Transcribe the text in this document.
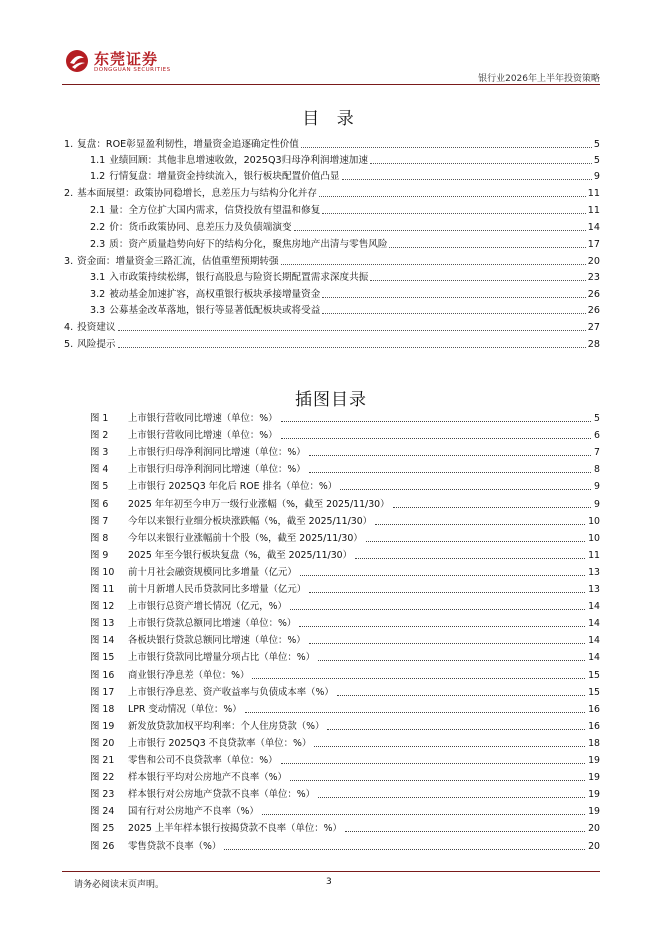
东莞证券
DONGGUAN SECURITIES
银行业2026年上半年投资策略
目 录
1. 复盘：ROE彰显盈利韧性，增量资金追逐确定性价值	5
1.1 业绩回顾：其他非息增速收敛，2025Q3归母净利润增速加速	5
1.2 行情复盘：增量资金持续流入，银行板块配置价值凸显	9
2. 基本面展望：政策协同稳增长，息差压力与结构分化并存	11
2.1 量：全方位扩大国内需求，信贷投放有望温和修复	11
2.2 价：货币政策协同、息差压力及负债端演变	14
2.3 质：资产质量趋势向好下的结构分化，聚焦房地产出清与零售风险	17
3. 资金面：增量资金三路汇流，估值重塑预期转强	20
3.1 入市政策持续松绑，银行高股息与险资长期配置需求深度共振	23
3.2 被动基金加速扩容，高权重银行板块承接增量资金	26
3.3 公募基金改革落地，银行等显著低配板块或将受益	26
4. 投资建议	27
5. 风险提示	28
插图目录
图 1	上市银行营收同比增速（单位：%）	5
图 2	上市银行营收同比增速（单位：%）	6
图 3	上市银行归母净利润同比增速（单位：%）	7
图 4	上市银行归母净利润同比增速（单位：%）	8
图 5	上市银行 2025Q3 年化后 ROE 排名（单位：%）	9
图 6	2025 年年初至今申万一级行业涨幅（%，截至 2025/11/30）	9
图 7	今年以来银行业细分板块涨跌幅（%，截至 2025/11/30）	10
图 8	今年以来银行业涨幅前十个股（%，截至 2025/11/30）	10
图 9	2025 年至今银行板块复盘（%，截至 2025/11/30）	11
图 10	前十月社会融资规模同比多增量（亿元）	13
图 11	前十月新增人民币贷款同比多增量（亿元）	13
图 12	上市银行总资产增长情况（亿元，%）	14
图 13	上市银行贷款总额同比增速（单位：%）	14
图 14	各板块银行贷款总额同比增速（单位：%）	14
图 15	上市银行贷款同比增量分项占比（单位：%）	14
图 16	商业银行净息差（单位：%）	15
图 17	上市银行净息差、资产收益率与负债成本率（%）	15
图 18	LPR 变动情况（单位：%）	16
图 19	新发放贷款加权平均利率：个人住房贷款（%）	16
图 20	上市银行 2025Q3 不良贷款率（单位：%）	18
图 21	零售和公司不良贷款率（单位：%）	19
图 22	样本银行平均对公房地产不良率（%）	19
图 23	样本银行对公房地产贷款不良率（单位：%）	19
图 24	国有行对公房地产不良率（%）	19
图 25	2025 上半年样本银行按揭贷款不良率（单位：%）	20
图 26	零售贷款不良率（%）	20
请务必阅读末页声明。	3
